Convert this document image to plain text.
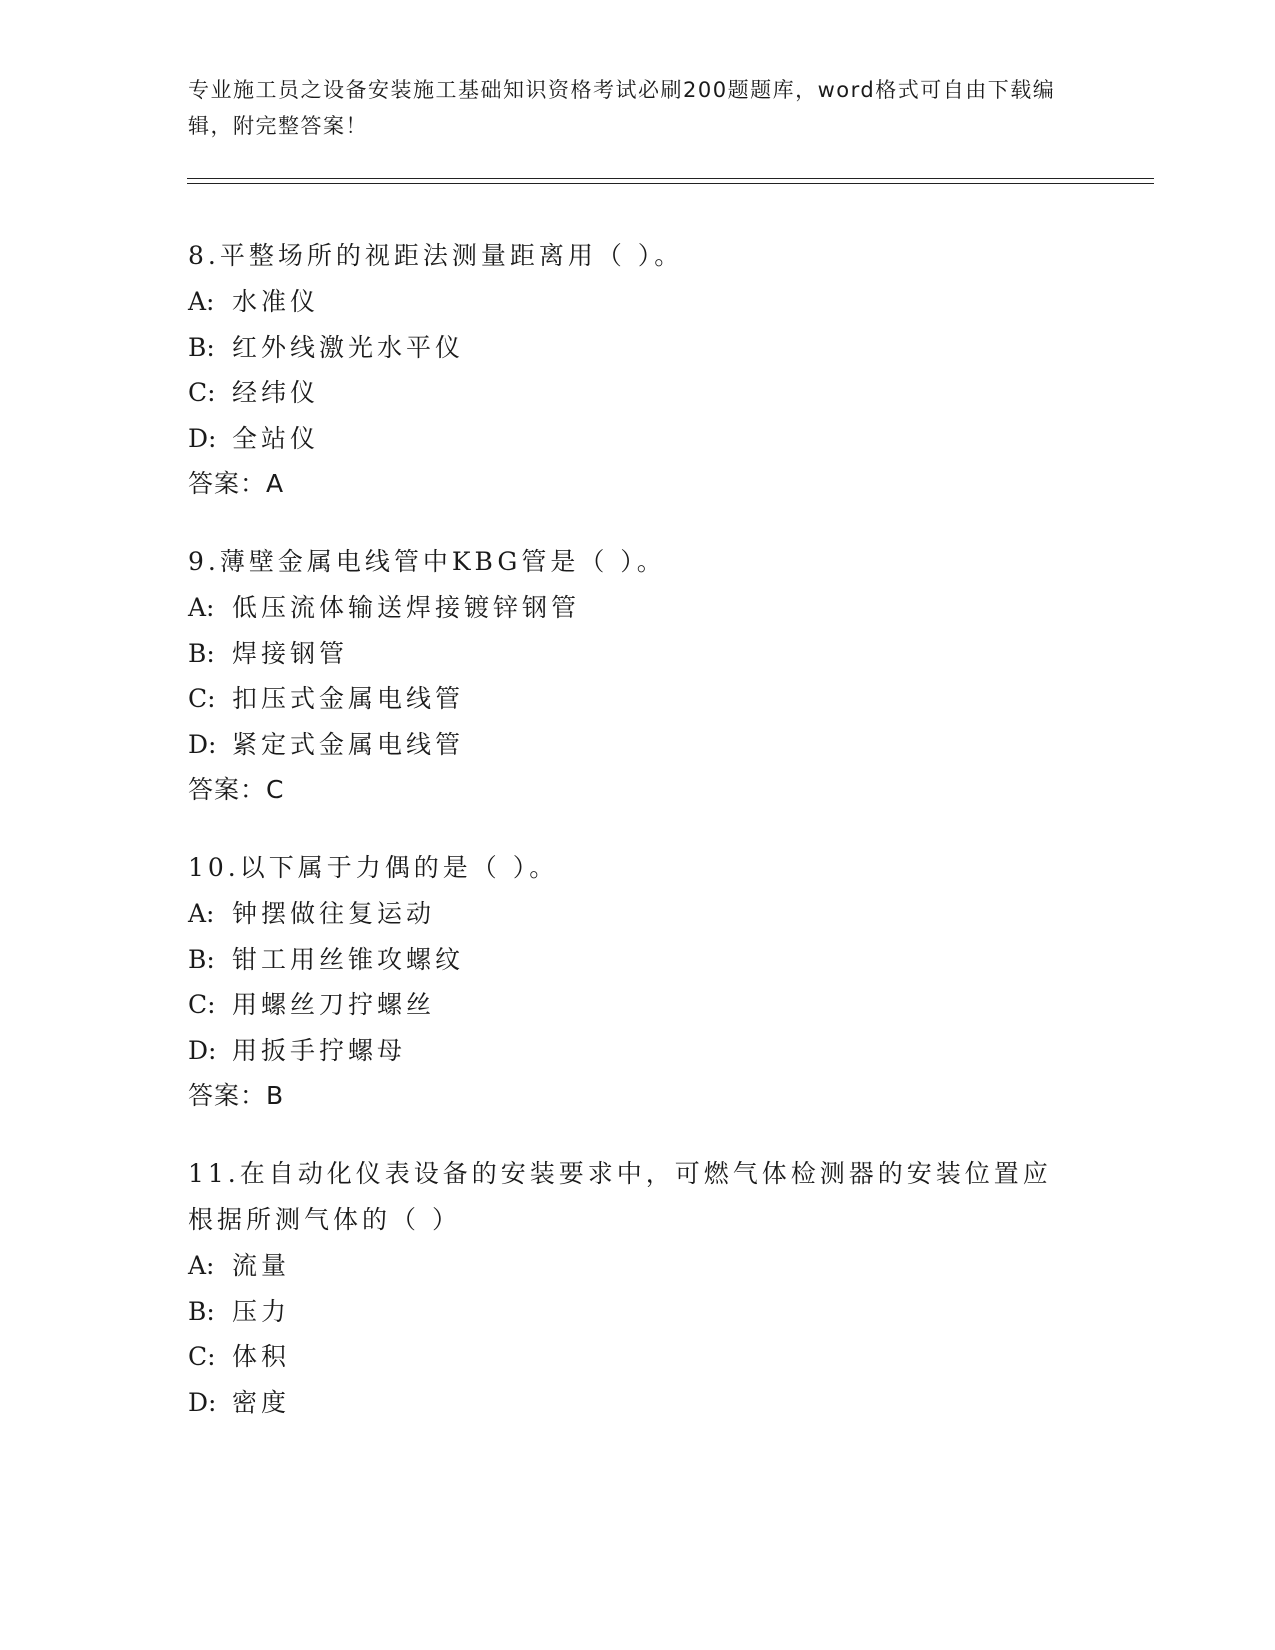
专业施工员之设备安装施工基础知识资格考试必刷200题题库，word格式可自由下载编辑，附完整答案！
8.平整场所的视距法测量距离用（ ）。
A: 水准仪
B: 红外线激光水平仪
C: 经纬仪
D: 全站仪
答案：A
9.薄壁金属电线管中KBG管是（ ）。
A: 低压流体输送焊接镀锌钢管
B: 焊接钢管
C: 扣压式金属电线管
D: 紧定式金属电线管
答案：C
10.以下属于力偶的是（ ）。
A: 钟摆做往复运动
B: 钳工用丝锥攻螺纹
C: 用螺丝刀拧螺丝
D: 用扳手拧螺母
答案：B
11.在自动化仪表设备的安装要求中，可燃气体检测器的安装位置应根据所测气体的（ ）
A: 流量
B: 压力
C: 体积
D: 密度
